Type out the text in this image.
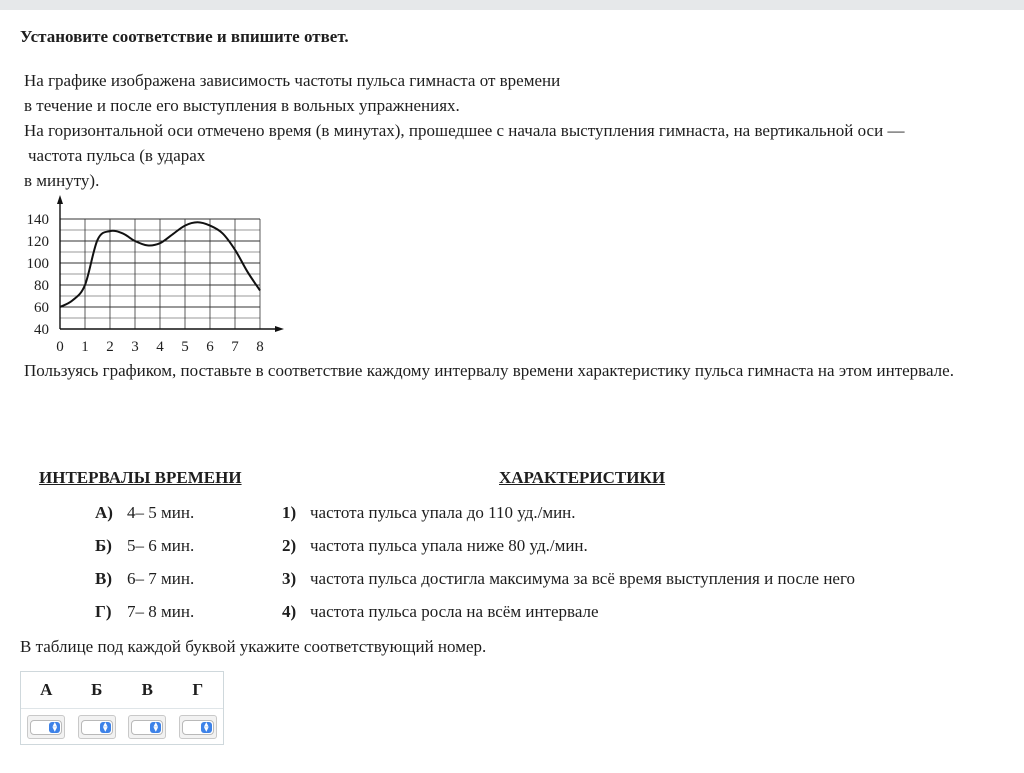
Установите соответствие и впишите ответ.

На графике изображена зависимость частоты пульса гимнаста от времени
в течение и после его выступления в вольных упражнениях.

На горизонтальной оси отмечено время (в минутах), прошедшее с начала выступления гимнаста, на вертикальной оси —
частота пульса (в ударах
в минуту).

40
60
80
100
120
140
0 1 2 3 4 5 6 7 8

Пользуясь графиком, поставьте в соответствие каждому интервалу времени характеристику пульса гимнаста на этом интервале.

ИНТЕРВАЛЫ ВРЕМЕНИ	ХАРАКТЕРИСТИКИ
А) 4– 5 мин.
Б) 5– 6 мин.
В) 6– 7 мин.
Г) 7– 8 мин.
1) частота пульса упала до 110 уд./мин.
2) частота пульса упала ниже 80 уд./мин.
3) частота пульса достигла максимума за всё время выступления и после него
4) частота пульса росла на всём интервале
В таблице под каждой буквой укажите соответствующий номер.
А	Б	В	Г
▲
▼
▲
▼
▲
▼
▲
▼
